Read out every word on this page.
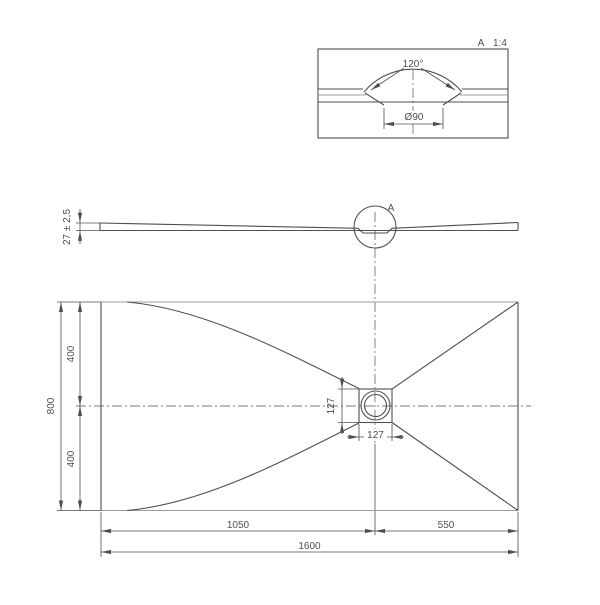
A 1:4
Ø90
120°
A
27 ± 2,5
800
400
400
127
127
1050	550
1600
